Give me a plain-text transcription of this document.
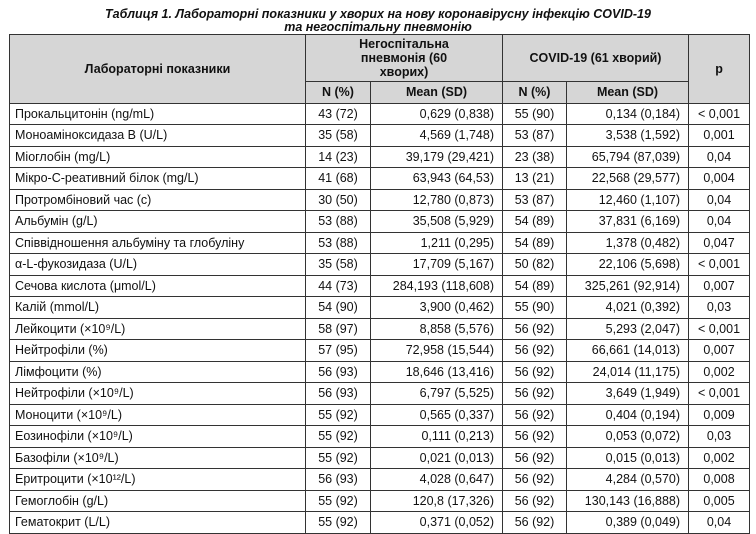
Таблиця 1. Лабораторні показники у хворих на нову коронавірусну інфекцію COVID-19
та негоспітальну пневмонію
Лабораторні показники	Негоспітальна пневмонія (60 хворих)		COVID-19 (61 хворий)		р
	N (%)	Mean (SD)	N (%)	Mean (SD)	
Прокальцитонін (ng/mL)	43 (72)	0,629 (0,838)	55 (90)	0,134 (0,184)	< 0,001
Моноаміноксидаза В (U/L)	35 (58)	4,569 (1,748)	53 (87)	3,538 (1,592)	0,001
Міоглобін (mg/L)	14 (23)	39,179 (29,421)	23 (38)	65,794 (87,039)	0,04
Мікро-С-реативний білок (mg/L)	41 (68)	63,943 (64,53)	13 (21)	22,568 (29,577)	0,004
Протромбіновий час (с)	30 (50)	12,780 (0,873)	53 (87)	12,460 (1,107)	0,04
Альбумін (g/L)	53 (88)	35,508 (5,929)	54 (89)	37,831 (6,169)	0,04
Співвідношення альбуміну та глобуліну	53 (88)	1,211 (0,295)	54 (89)	1,378 (0,482)	0,047
α-L-фукозидаза (U/L)	35 (58)	17,709 (5,167)	50 (82)	22,106 (5,698)	< 0,001
Сечова кислота (μmol/L)	44 (73)	284,193 (118,608)	54 (89)	325,261 (92,914)	0,007
Калій (mmol/L)	54 (90)	3,900 (0,462)	55 (90)	4,021 (0,392)	0,03
Лейкоцити (×10⁹/L)	58 (97)	8,858 (5,576)	56 (92)	5,293 (2,047)	< 0,001
Нейтрофіли (%)	57 (95)	72,958 (15,544)	56 (92)	66,661 (14,013)	0,007
Лімфоцити (%)	56 (93)	18,646 (13,416)	56 (92)	24,014 (11,175)	0,002
Нейтрофіли (×10⁹/L)	56 (93)	6,797 (5,525)	56 (92)	3,649 (1,949)	< 0,001
Моноцити (×10⁹/L)	55 (92)	0,565 (0,337)	56 (92)	0,404 (0,194)	0,009
Еозинофіли (×10⁹/L)	55 (92)	0,111 (0,213)	56 (92)	0,053 (0,072)	0,03
Базофіли (×10⁹/L)	55 (92)	0,021 (0,013)	56 (92)	0,015 (0,013)	0,002
Еритроцити (×10¹²/L)	56 (93)	4,028 (0,647)	56 (92)	4,284 (0,570)	0,008
Гемоглобін (g/L)	55 (92)	120,8 (17,326)	56 (92)	130,143 (16,888)	0,005
Гематокрит (L/L)	55 (92)	0,371 (0,052)	56 (92)	0,389 (0,049)	0,04
